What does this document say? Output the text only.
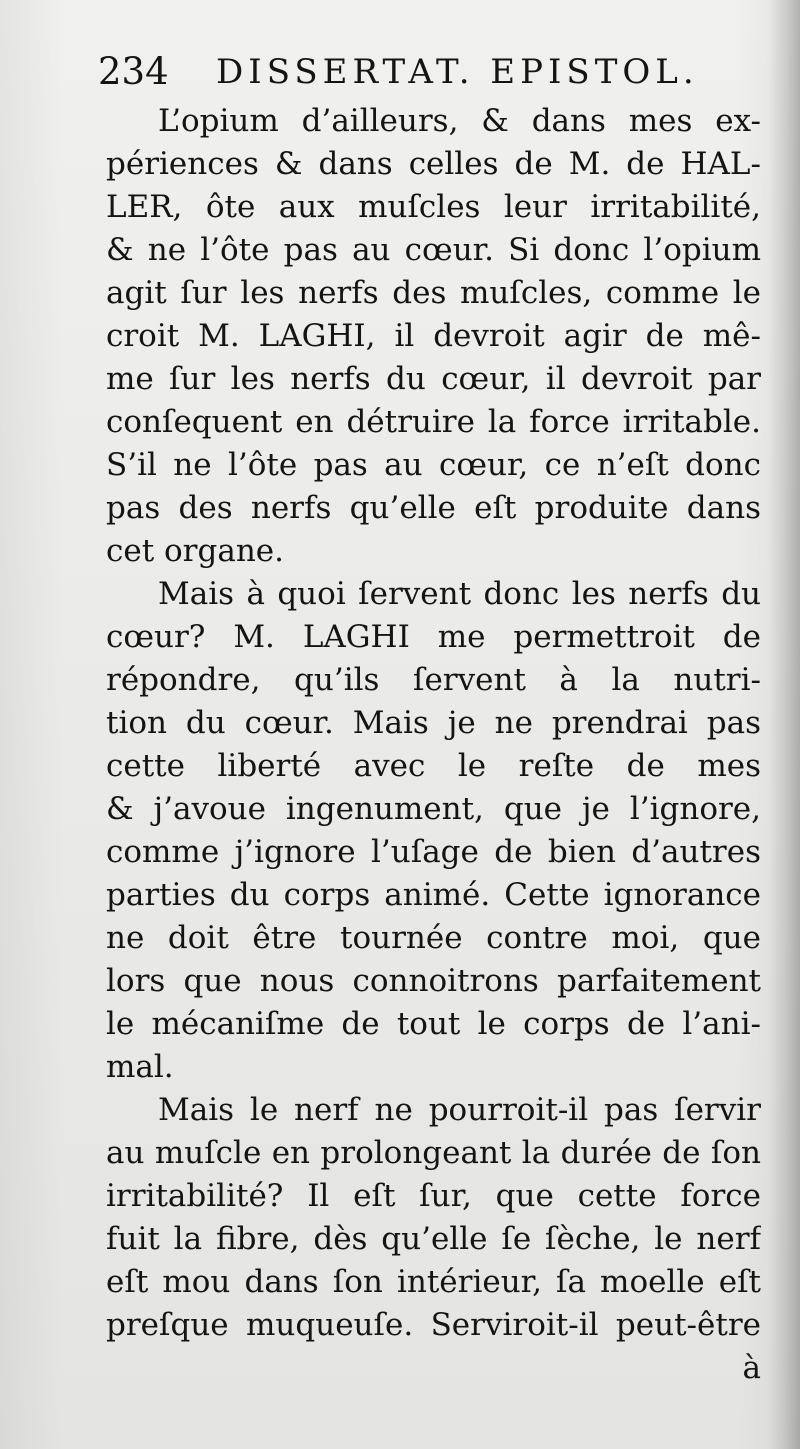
234 DISSERTAT. EPISTOL.
L’opium d’ailleurs, & dans mes ex-
périences & dans celles de M. de HAL-
LER, ôte aux muſcles leur irritabilité,
& ne l’ôte pas au cœur. Si donc l’opium
agit ſur les nerfs des muſcles, comme le
croit M. LAGHI, il devroit agir de mê-
me ſur les nerfs du cœur, il devroit par
conſequent en détruire la force irritable.
S’il ne l’ôte pas au cœur, ce n’eſt donc
pas des nerfs qu’elle eſt produite dans
cet organe.
Mais à quoi ſervent donc les nerfs du
cœur? M. LAGHI me permettroit de
répondre, qu’ils ſervent à la nutri-
tion du cœur. Mais je ne prendrai pas
cette liberté avec le reſte de mes
& j’avoue ingenument, que je l’ignore,
comme j’ignore l’uſage de bien d’autres
parties du corps animé. Cette ignorance
ne doit être tournée contre moi, que
lors que nous connoitrons parfaitement
le mécaniſme de tout le corps de l’ani-
mal.
Mais le nerf ne pourroit-il pas ſervir
au muſcle en prolongeant la durée de ſon
irritabilité? Il eſt ſur, que cette force
fuit la fibre, dès qu’elle ſe ſèche, le nerf
eſt mou dans ſon intérieur, ſa moelle eſt
preſque muqueuſe. Serviroit-il peut-être
à
